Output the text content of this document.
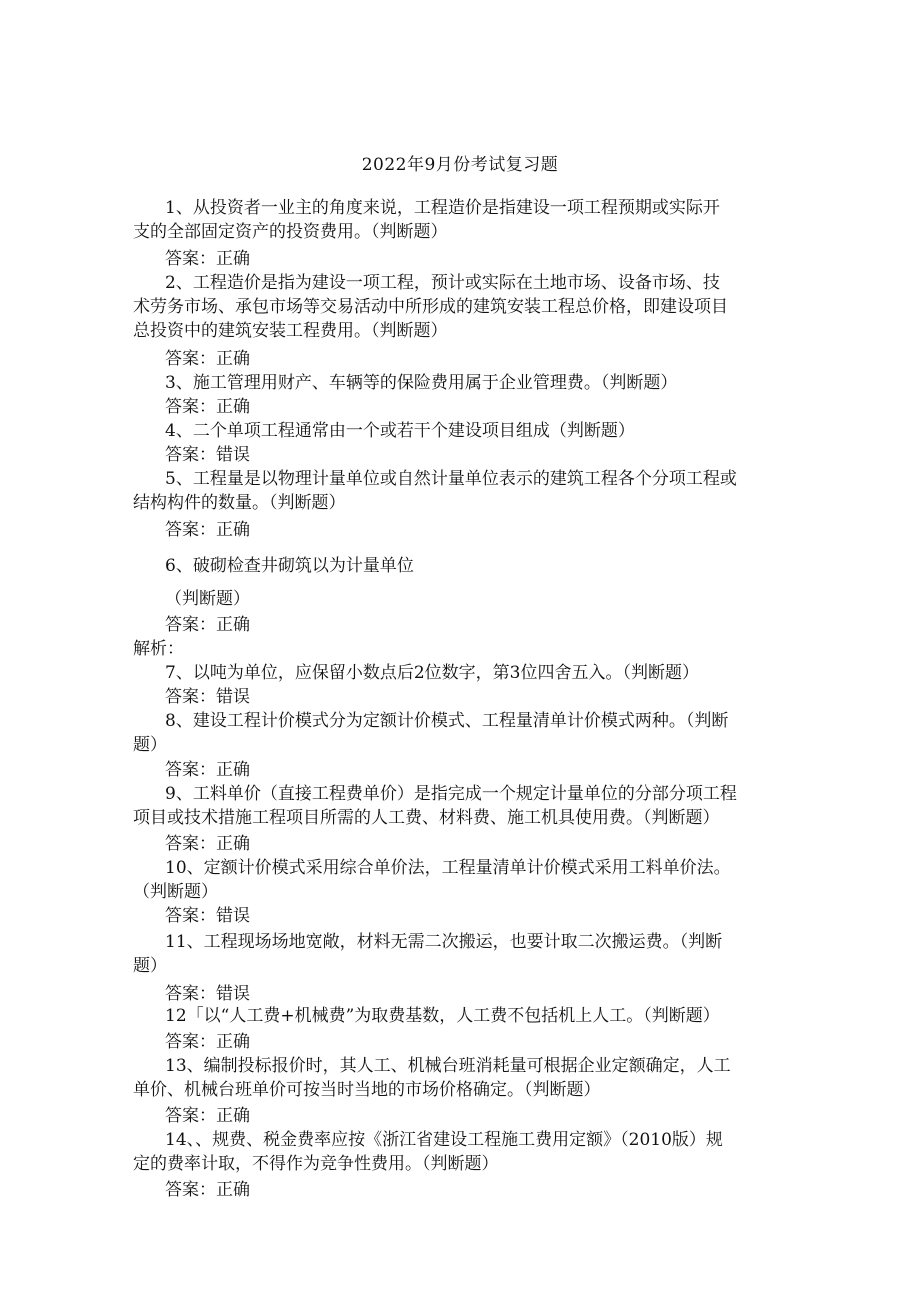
2022年9月份考试复习题
1、从投资者一业主的角度来说，工程造价是指建设一项工程预期或实际开
支的全部固定资产的投资费用。（判断题）
答案：正确
2、工程造价是指为建设一项工程，预计或实际在土地市场、设备市场、技
术劳务市场、承包市场等交易活动中所形成的建筑安装工程总价格，即建设项目
总投资中的建筑安装工程费用。（判断题）
答案：正确
3、施工管理用财产、车辆等的保险费用属于企业管理费。（判断题）
答案：正确
4、二个单项工程通常由一个或若干个建设项目组成（判断题）
答案：错误
5、工程量是以物理计量单位或自然计量单位表示的建筑工程各个分项工程或
结构构件的数量。（判断题）
答案：正确
6、破砌检查井砌筑以为计量单位
（判断题）
答案：正确
解析：
7、以吨为单位，应保留小数点后2位数字，第3位四舍五入。（判断题）
答案：错误
8、建设工程计价模式分为定额计价模式、工程量清单计价模式两种。（判断
题）
答案：正确
9、工料单价（直接工程费单价）是指完成一个规定计量单位的分部分项工程
项目或技术措施工程项目所需的人工费、材料费、施工机具使用费。（判断题）
答案：正确
10、定额计价模式采用综合单价法，工程量清单计价模式采用工料单价法。
（判断题）
答案：错误
11、工程现场场地宽敞，材料无需二次搬运，也要计取二次搬运费。（判断
题）
答案：错误
12「以“人工费+机械费”为取费基数，人工费不包括机上人工。（判断题）
答案：正确
13、编制投标报价时，其人工、机械台班消耗量可根据企业定额确定，人工
单价、机械台班单价可按当时当地的市场价格确定。（判断题）
答案：正确
14、、规费、税金费率应按《浙江省建设工程施工费用定额》（2010版）规
定的费率计取，不得作为竞争性费用。（判断题）
答案：正确
